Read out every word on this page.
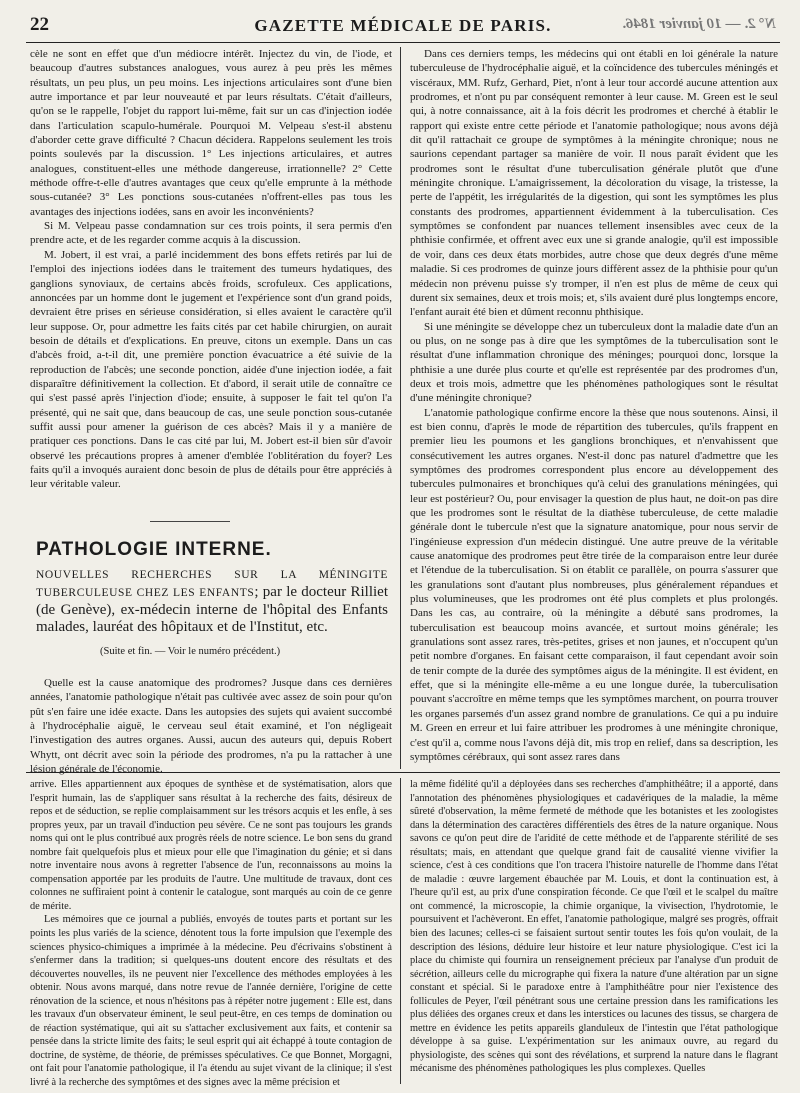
22	GAZETTE MÉDICALE DE PARIS.	N° 2. — 10 janvier 1846.

cèle ne sont en effet que d'un médiocre intérêt. Injectez du vin, de l'iode, et beaucoup d'autres substances analogues, vous aurez à peu près les mêmes résultats, un peu plus, un peu moins. Les injections articulaires sont d'une bien autre importance et par leur nouveauté et par leurs résultats. C'était d'ailleurs, qu'on se le rappelle, l'objet du rapport lui-même, fait sur un cas d'injection iodée dans l'articulation scapulo-humérale. Pourquoi M. Velpeau s'est-il abstenu d'aborder cette grave difficulté ? Chacun décidera. Rappelons seulement les trois points soulevés par la discussion. 1° Les injections articulaires, et autres analogues, constituent-elles une méthode dangereuse, irrationnelle? 2° Cette méthode offre-t-elle d'autres avantages que ceux qu'elle emprunte à la méthode sous-cutanée? 3° Les ponctions sous-cutanées n'offrent-elles pas tous les avantages des injections iodées, sans en avoir les inconvénients?

Si M. Velpeau passe condamnation sur ces trois points, il sera permis d'en prendre acte, et de les regarder comme acquis à la discussion.

M. Jobert, il est vrai, a parlé incidemment des bons effets retirés par lui de l'emploi des injections iodées dans le traitement des tumeurs hydatiques, des ganglions synoviaux, de certains abcès froids, scrofuleux. Ces applications, annoncées par un homme dont le jugement et l'expérience sont d'un grand poids, devraient être prises en sérieuse considération, si elles avaient le caractère qu'il leur suppose. Or, pour admettre les faits cités par cet habile chirurgien, on aurait besoin de détails et d'explications. En preuve, citons un exemple. Dans un cas d'abcès froid, a-t-il dit, une première ponction évacuatrice a été suivie de la reproduction de l'abcès; une seconde ponction, aidée d'une injection iodée, a fait disparaître définitivement la collection. Et d'abord, il serait utile de connaître ce qui s'est passé après l'injection d'iode; ensuite, à supposer le fait tel qu'on l'a présenté, qui ne sait que, dans beaucoup de cas, une seule ponction sous-cutanée suffit aussi pour amener la guérison de ces abcès? Mais il y a manière de pratiquer ces ponctions. Dans le cas cité par lui, M. Jobert est-il bien sûr d'avoir observé les précautions propres à amener d'emblée l'oblitération du foyer? Les faits qu'il a invoqués auraient donc besoin de plus de détails pour être appréciés à leur véritable valeur.

PATHOLOGIE INTERNE.
NOUVELLES RECHERCHES SUR LA MÉNINGITE TUBERCULEUSE CHEZ LES ENFANTS; par le docteur Rilliet (de Genève), ex-médecin interne de l'hôpital des Enfants malades, lauréat des hôpitaux et de l'Institut, etc.
(Suite et fin. — Voir le numéro précédent.)

Quelle est la cause anatomique des prodromes? Jusque dans ces dernières années, l'anatomie pathologique n'était pas cultivée avec assez de soin pour qu'on pût s'en faire une idée exacte. Dans les autopsies des sujets qui avaient succombé à l'hydrocéphalie aiguë, le cerveau seul était examiné, et l'on négligeait l'investigation des autres organes. Aussi, aucun des auteurs qui, depuis Robert Whytt, ont décrit avec soin la période des prodromes, n'a pu la rattacher à une lésion générale de l'économie.

Dans ces derniers temps, les médecins qui ont établi en loi générale la nature tuberculeuse de l'hydrocéphalie aiguë, et la coïncidence des tubercules méningés et viscéraux, MM. Rufz, Gerhard, Piet, n'ont à leur tour accordé aucune attention aux prodromes, et n'ont pu par conséquent remonter à leur cause. M. Green est le seul qui, à notre connaissance, ait à la fois décrit les prodromes et cherché à établir le rapport qui existe entre cette période et l'anatomie pathologique; nous avons déjà dit qu'il rattachait ce groupe de symptômes à la méningite chronique; nous ne saurions cependant partager sa manière de voir. Il nous paraît évident que les prodromes sont le résultat d'une tuberculisation générale plutôt que d'une méningite chronique. L'amaigrissement, la décoloration du visage, la tristesse, la perte de l'appétit, les irrégularités de la digestion, qui sont les symptômes les plus constants des prodromes, appartiennent évidemment à la tuberculisation. Ces symptômes se confondent par nuances tellement insensibles avec ceux de la phthisie confirmée, et offrent avec eux une si grande analogie, qu'il est impossible de voir, dans ces deux états morbides, autre chose que deux degrés d'une même maladie. Si ces prodromes de quinze jours diffèrent assez de la phthisie pour qu'un médecin non prévenu puisse s'y tromper, il n'en est plus de même de ceux qui durent six semaines, deux et trois mois; et, s'ils avaient duré plus longtemps encore, l'enfant aurait été bien et dûment reconnu phthisique.

Si une méningite se développe chez un tuberculeux dont la maladie date d'un an ou plus, on ne songe pas à dire que les symptômes de la tuberculisation sont le résultat d'une inflammation chronique des méninges; pourquoi donc, lorsque la phthisie a une durée plus courte et qu'elle est représentée par des prodromes d'un, deux et trois mois, admettre que les phénomènes pathologiques sont le résultat d'une méningite chronique?

L'anatomie pathologique confirme encore la thèse que nous soutenons. Ainsi, il est bien connu, d'après le mode de répartition des tubercules, qu'ils frappent en premier lieu les poumons et les ganglions bronchiques, et n'envahissent que consécutivement les autres organes. N'est-il donc pas naturel d'admettre que les symptômes des prodromes correspondent plus encore au développement des tubercules pulmonaires et bronchiques qu'à celui des granulations méningées, qui leur est postérieur? Ou, pour envisager la question de plus haut, ne doit-on pas dire que les prodromes sont le résultat de la diathèse tuberculeuse, de cette maladie générale dont le tubercule n'est que la signature anatomique, pour nous servir de l'ingénieuse expression d'un médecin distingué. Une autre preuve de la véritable cause anatomique des prodromes peut être tirée de la comparaison entre leur durée et l'étendue de la tuberculisation. Si on établit ce parallèle, on pourra s'assurer que les granulations sont d'autant plus nombreuses, plus généralement répandues et plus volumineuses, que les prodromes ont été plus complets et plus prolongés. Dans les cas, au contraire, où la méningite a débuté sans prodromes, la tuberculisation est beaucoup moins avancée, et surtout moins générale; les granulations sont assez rares, très-petites, grises et non jaunes, et n'occupent qu'un petit nombre d'organes. En faisant cette comparaison, il faut cependant avoir soin de tenir compte de la durée des symptômes aigus de la méningite. Il est évident, en effet, que si la méningite elle-même a eu une longue durée, la tuberculisation pouvant s'accroître en même temps que les symptômes marchent, on pourra trouver les organes parsemés d'un assez grand nombre de granulations. Ce qui a pu induire M. Green en erreur et lui faire attribuer les prodromes à une méningite chronique, c'est qu'il a, comme nous l'avons déjà dit, mis trop en relief, dans sa description, les symptômes cérébraux, qui sont assez rares dans

arrive. Elles appartiennent aux époques de synthèse et de systématisation, alors que l'esprit humain, las de s'appliquer sans résultat à la recherche des faits, désireux de repos et de séduction, se replie complaisamment sur les trésors acquis et les enfle, à ses propres yeux, par un travail d'induction peu sévère. Ce ne sont pas toujours les grands noms qui ont le plus contribué aux progrès réels de notre science. Le bon sens du grand nombre fait quelquefois plus et mieux pour elle que l'imagination du génie; et si dans notre inventaire nous avons à regretter l'absence de l'un, reconnaissons au moins la compensation apportée par les produits de l'autre. Une multitude de travaux, dont ces colonnes ne suffiraient point à contenir le catalogue, sont marqués au coin de ce genre de mérite.

Les mémoires que ce journal a publiés, envoyés de toutes parts et portant sur les points les plus variés de la science, dénotent tous la forte impulsion que l'exemple des sciences physico-chimiques a imprimée à la médecine. Peu d'écrivains s'obstinent à s'enfermer dans la tradition; si quelques-uns doutent encore des résultats et des découvertes nouvelles, ils ne peuvent nier l'excellence des méthodes employées à les obtenir. Nous avons marqué, dans notre revue de l'année dernière, l'origine de cette rénovation de la science, et nous n'hésitons pas à répéter notre jugement : Elle est, dans les travaux d'un observateur éminent, le seul peut-être, en ces temps de domination ou de réaction systématique, qui ait su s'attacher exclusivement aux faits, et contenir sa pensée dans la stricte limite des faits; le seul esprit qui ait échappé à toute contagion de doctrine, de système, de théorie, de prémisses spéculatives. Ce que Bonnet, Morgagni, ont fait pour l'anatomie pathologique, il l'a étendu au sujet vivant de la clinique; il s'est livré à la recherche des symptômes et des signes avec la même précision et

la même fidélité qu'il a déployées dans ses recherches d'amphithéâtre; il a apporté, dans l'annotation des phénomènes physiologiques et cadavériques de la maladie, la même sûreté d'observation, la même fermeté de méthode que les botanistes et les zoologistes dans la détermination des caractères différentiels des êtres de la nature organique. Nous savons ce qu'on peut dire de l'aridité de cette méthode et de l'apparente stérilité de ses résultats; mais, en attendant que quelque grand fait de causalité vienne vivifier la science, c'est à ces conditions que l'on tracera l'histoire naturelle de l'homme dans l'état de maladie : œuvre largement ébauchée par M. Louis, et dont la continuation est, à l'heure qu'il est, au prix d'une conspiration féconde. Ce que l'œil et le scalpel du maître ont commencé, la microscopie, la chimie organique, la vivisection, l'hydrotomie, le poursuivent et l'achèveront. En effet, l'anatomie pathologique, malgré ses progrès, offrait bien des lacunes; celles-ci se faisaient surtout sentir toutes les fois qu'on voulait, de la description des lésions, déduire leur histoire et leur nature physiologique. C'est ici la place du chimiste qui fournira un renseignement précieux par l'analyse d'un produit de sécrétion, ailleurs celle du micrographe qui fixera la nature d'une altération par un signe constant et spécial. Si le paradoxe entre à l'amphithéâtre pour nier l'existence des follicules de Peyer, l'œil pénétrant sous une certaine pression dans les ramifications les plus déliées des organes creux et dans les interstices ou lacunes des tissus, se chargera de mettre en évidence les petits appareils glanduleux de l'intestin que l'état pathologique développe à sa guise. L'expérimentation sur les animaux ouvre, au regard du physiologiste, des scènes qui sont des révélations, et surprend la nature dans le flagrant mécanisme des phénomènes pathologiques les plus complexes. Quelles
